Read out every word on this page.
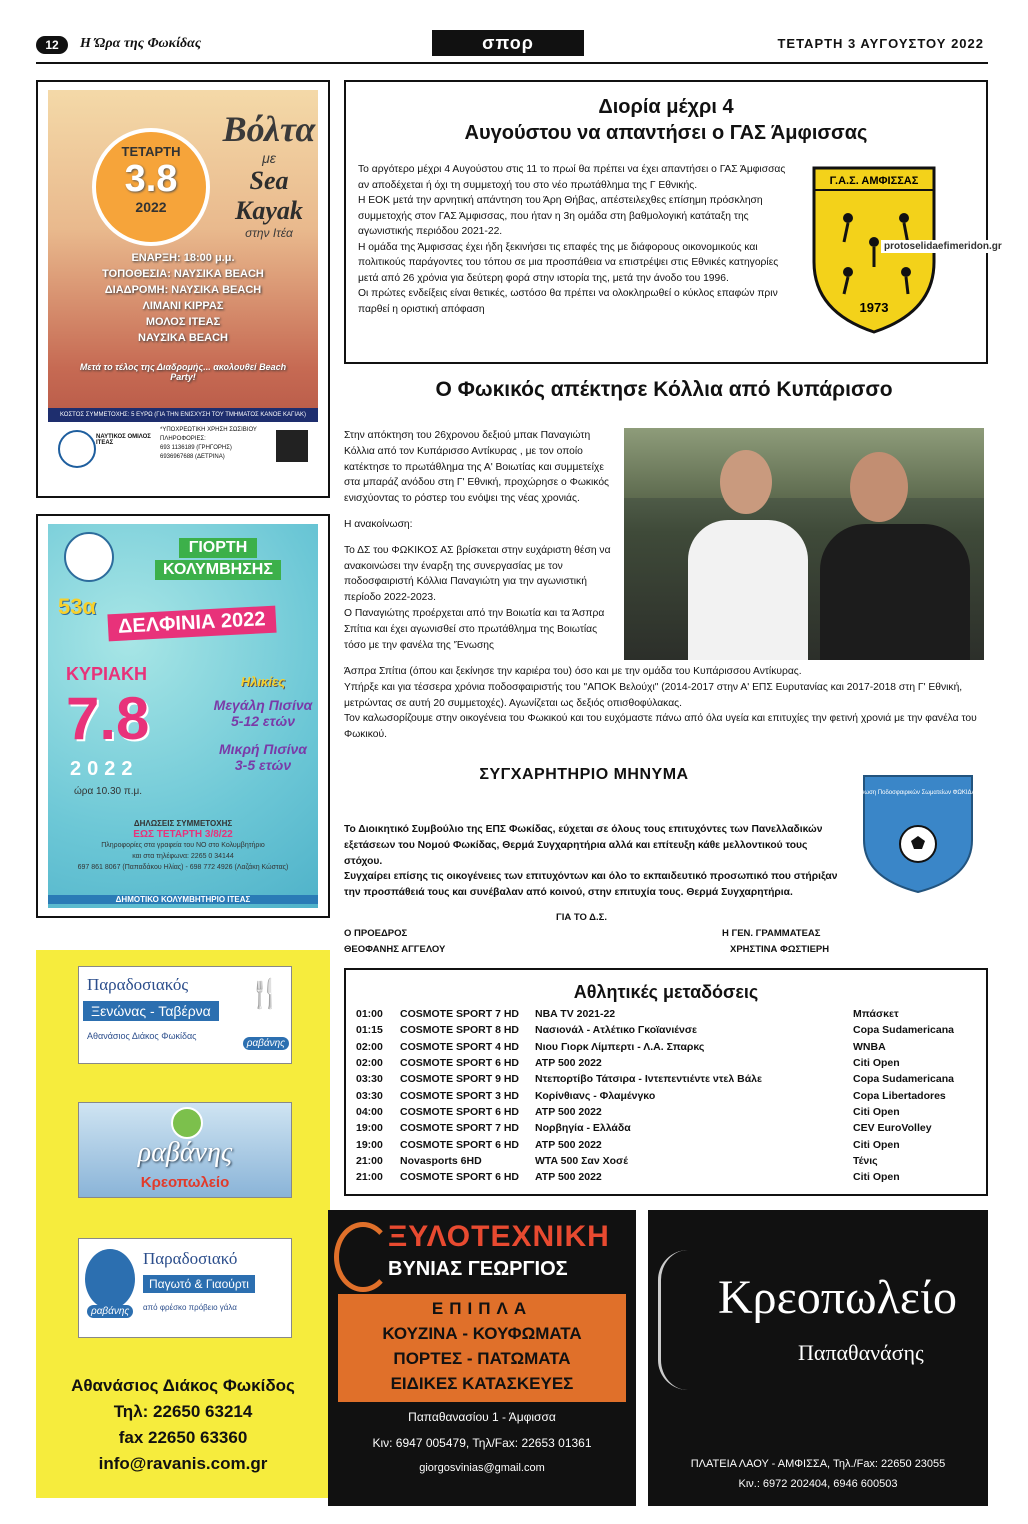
12	Η Ώρα της Φωκίδας	σπορ	ΤΕΤΑΡΤΗ 3 ΑΥΓΟΥΣΤΟΥ 2022
ΤΕΤΑΡΤΗ
3.8
2022
Βόλτα
με
Sea Kayak
στην Ιτέα
ΕΝΑΡΞΗ: 18:00 μ.μ.
ΤΟΠΟΘΕΣΙΑ: ΝΑΥΣΙΚΑ BEACH
ΔΙΑΔΡΟΜΗ: ΝΑΥΣΙΚΑ BEACH
ΛΙΜΑΝΙ ΚΙΡΡΑΣ
ΜΟΛΟΣ ΙΤΕΑΣ
ΝΑΥΣΙΚΑ BEACH
Μετά το τέλος της Διαδρομής... ακολουθεί Beach Party!
ΚΟΣΤΟΣ ΣΥΜΜΕΤΟΧΗΣ: 5 ΕΥΡΩ (ΓΙΑ ΤΗΝ ΕΝΙΣΧΥΣΗ ΤΟΥ ΤΜΗΜΑΤΟΣ ΚΑΝΟΕ ΚΑΓΙΑΚ)
ΝΑΥΤΙΚΟΣ ΟΜΙΛΟΣ ΙΤΕΑΣ
*ΥΠΟΧΡΕΩΤΙΚΗ ΧΡΗΣΗ ΣΩΣΙΒΙΟΥ
ΠΛΗΡΟΦΟΡΙΕΣ:
693 1136189 (ΓΡΗΓΟΡΗΣ)
6936967688 (ΔΕΤΡΙΝΑ)
ΓΙΟΡΤΗ
ΚΟΛΥΜΒΗΣΗΣ
53α
ΔΕΛΦΙΝΙΑ 2022
ΚΥΡΙΑΚΗ
7.8
2022
ώρα 10.30 π.μ.
Ηλικίες
Μεγάλη Πισίνα
5-12 ετών
Μικρή Πισίνα
3-5 ετών
ΔΗΛΩΣΕΙΣ ΣΥΜΜΕΤΟΧΗΣ
ΕΩΣ ΤΕΤΑΡΤΗ 3/8/22
Πληροφορίες στα γραφεία του ΝΟ στο Κολυμβητήριο
και στα τηλέφωνα: 2265 0 34144
697 861 8067 (Παπαδάκου Ηλίας) - 698 772 4926 (Λαζάκη Κώστας)
ΔΗΜΟΤΙΚΟ ΚΟΛΥΜΒΗΤΗΡΙΟ ΙΤΕΑΣ
Παραδοσιακός
Ξενώνας - Ταβέρνα
Αθανάσιος Διάκος Φωκίδας
🍴
ραβάνης
ραβάνης
Κρεοπωλείο
ραβάνης
Παραδοσιακό
Παγωτό & Γιαούρτι
από φρέσκο πρόβειο γάλα
Αθανάσιος Διάκος Φωκίδος
Τηλ: 22650 63214
fax 22650 63360
info@ravanis.com.gr
Διορία μέχρι 4
Αυγούστου να απαντήσει ο ΓΑΣ Άμφισσας
Το αργότερο μέχρι 4 Αυγούστου στις 11 το πρωί θα πρέπει να έχει απαντήσει ο ΓΑΣ Άμφισσας αν αποδέχεται ή όχι τη συμμετοχή του στο νέο πρωτάθλημα της Γ Εθνικής.
Η ΕΟΚ μετά την αρνητική απάντηση του Άρη Θήβας, απέστειλεχθες επίσημη πρόσκληση συμμετοχής στον ΓΑΣ Άμφισσας, που ήταν η 3η ομάδα στη βαθμολογική κατάταξη της αγωνιστικής περιόδου 2021-22.
Η ομάδα της Άμφισσας έχει ήδη ξεκινήσει τις επαφές της με διάφορους οικονομικούς και πολιτικούς παράγοντες του τόπου σε μια προσπάθεια να επιστρέψει στις Εθνικές κατηγορίες μετά από 26 χρόνια για δεύτερη φορά στην ιστορία της, μετά την άνοδο του 1996.
Οι πρώτες ενδείξεις είναι θετικές, ωστόσο θα πρέπει να ολοκληρωθεί ο κύκλος επαφών πριν παρθεί η οριστική απόφαση
Γ.Α.Σ. ΑΜΦΙΣΣΑΣ
1973
protoselidaefimeridon.gr
Ο Φωκικός απέκτησε Κόλλια από Κυπάρισσο
Στην απόκτηση του 26χρονου δεξιού μπακ Παναγιώτη Κόλλια από τον Κυπάρισσο Αντίκυρας , με τον οποίο κατέκτησε το πρωτάθλημα της Α' Βοιωτίας και συμμετείχε στα μπαράζ ανόδου στη Γ' Εθνική, προχώρησε ο Φωκικός ενισχύοντας το ρόστερ του ενόψει της νέας χρονιάς.
Η ανακοίνωση:
Το ΔΣ του ΦΩΚΙΚΟΣ ΑΣ βρίσκεται στην ευχάριστη θέση να ανακοινώσει την έναρξη της συνεργασίας με τον ποδοσφαιριστή Κόλλια Παναγιώτη για την αγωνιστική περίοδο 2022-2023.
Ο Παναγιώτης προέρχεται από την Βοιωτία και τα Άσπρα Σπίτια και έχει αγωνισθεί στο πρωτάθλημα της Βοιωτίας τόσο με την φανέλα της 'Ένωσης
Άσπρα Σπίτια (όπου και ξεκίνησε την καριέρα του) όσο και με την ομάδα του Κυπάρισσου Αντίκυρας.
Υπήρξε και για τέσσερα χρόνια ποδοσφαιριστής του "ΑΠΟΚ Βελούχι" (2014-2017 στην Α' ΕΠΣ Ευρυτανίας και 2017-2018 στη Γ' Εθνική, μετρώντας σε αυτή 20 συμμετοχές). Αγωνίζεται ως δεξιός οπισθοφύλακας.
Τον καλωσορίζουμε στην οικογένεια του Φωκικού και του ευχόμαστε πάνω από όλα υγεία και επιτυχίες την φετινή χρονιά με την φανέλα του Φωκικού.
ΣΥΓΧΑΡΗΤΗΡΙΟ ΜΗΝΥΜΑ
Ένωση Ποδοσφαιρικών Σωματείων ΦΩΚΙΔΑΣ
Το Διοικητικό Συμβούλιο της ΕΠΣ Φωκίδας, εύχεται σε όλους τους επιτυχόντες των Πανελλαδικών εξετάσεων του Νομού Φωκίδας, Θερμά Συγχαρητήρια αλλά και επίτευξη κάθε μελλοντικού τους στόχου.
Συγχαίρει επίσης τις οικογένειες των επιτυχόντων και όλο το εκπαιδευτικό προσωπικό που στήριξαν την προσπάθειά τους και συνέβαλαν από κοινού, στην επιτυχία τους. Θερμά Συγχαρητήρια.
ΓΙΑ ΤΟ Δ.Σ.
Ο ΠΡΟΕΔΡΟΣ
ΘΕΟΦΑΝΗΣ ΑΓΓΕΛΟΥ
Η ΓΕΝ. ΓΡΑΜΜΑΤΕΑΣ
ΧΡΗΣΤΙΝΑ ΦΩΣΤΙΕΡΗ
Αθλητικές μεταδόσεις
01:00	COSMOTE SPORT 7 HD	NBA TV 2021-22	Μπάσκετ
01:15	COSMOTE SPORT 8 HD	Νασιονάλ - Ατλέτικο Γκοϊανιένσε	Copa Sudamericana
02:00	COSMOTE SPORT 4 HD	Νιου Γιορκ Λίμπερτι - Λ.Α. Σπαρκς	WNBA
02:00	COSMOTE SPORT 6 HD	ATP 500 2022	Citi Open
03:30	COSMOTE SPORT 9 HD	Ντεπορτίβο Τάτσιρα - Ιντεπεντιέντε ντελ Βάλε	Copa Sudamericana
03:30	COSMOTE SPORT 3 HD	Κορίνθιανς - Φλαμένγκο	Copa Libertadores
04:00	COSMOTE SPORT 6 HD	ATP 500 2022	Citi Open
19:00	COSMOTE SPORT 7 HD	Νορβηγία - Ελλάδα	CEV EuroVolley
19:00	COSMOTE SPORT 6 HD	ATP 500 2022	Citi Open
21:00	Novasports 6HD	WTA 500 Σαν Χοσέ	Τένις
21:00	COSMOTE SPORT 6 HD	ATP 500 2022	Citi Open
ΞΥΛΟΤΕΧΝΙΚΗ
ΒΥΝΙΑΣ ΓΕΩΡΓΙΟΣ
ΕΠΙΠΛΑ
ΚΟΥΖΙΝΑ - ΚΟΥΦΩΜΑΤΑ
ΠΟΡΤΕΣ - ΠΑΤΩΜΑΤΑ
ΕΙΔΙΚΕΣ ΚΑΤΑΣΚΕΥΕΣ
Παπαθανασίου 1 - Άμφισσα
Κιν: 6947 005479, Τηλ/Fax: 22653 01361
giorgosvinias@gmail.com
Κρεοπωλείο
Παπαθανάσης
ΠΛΑΤΕΙΑ ΛΑΟΥ - ΑΜΦΙΣΣΑ, Τηλ./Fax: 22650 23055
Κιν.: 6972 202404, 6946 600503
